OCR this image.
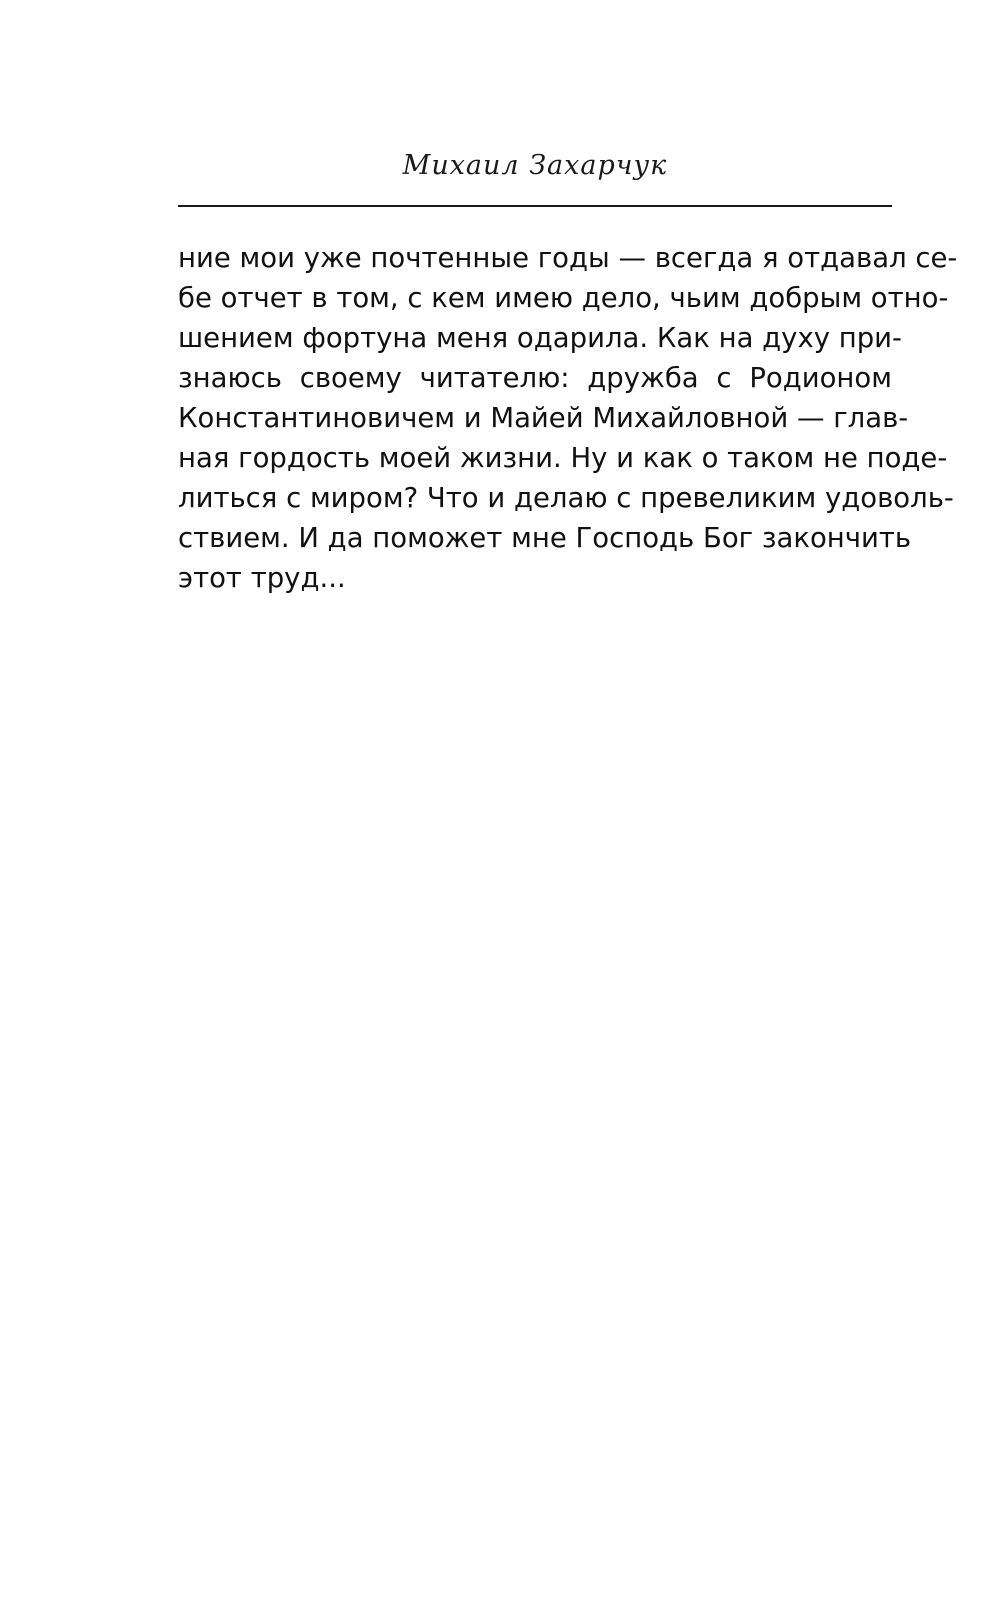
Михаил Захарчук
ние мои уже почтенные годы — всегда я отдавал се-
бе отчет в том, с кем имею дело, чьим добрым отно-
шением фортуна меня одарила. Как на духу при-
знаюсь своему читателю: дружба с Родионом
Константиновичем и Майей Михайловной — глав-
ная гордость моей жизни. Ну и как о таком не поде-
литься с миром? Что и делаю с превеликим удоволь-
ствием. И да поможет мне Господь Бог закончить
этот труд...
